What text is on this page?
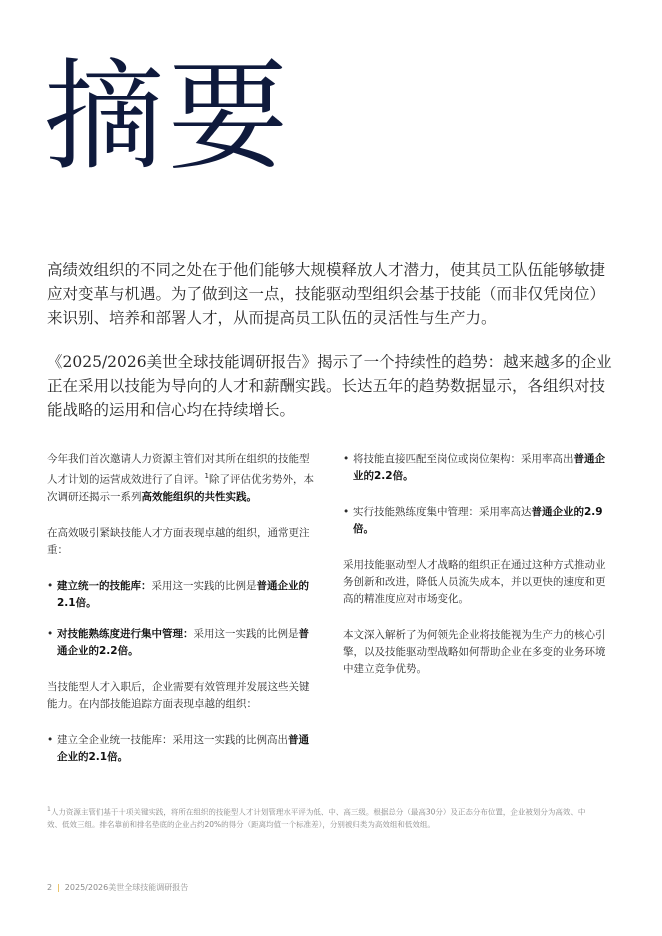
摘要

高绩效组织的不同之处在于他们能够大规模释放人才潜力，使其员工队伍能够敏捷应对变革与机遇。为了做到这一点，技能驱动型组织会基于技能（而非仅凭岗位）来识别、培养和部署人才，从而提高员工队伍的灵活性与生产力。

《2025/2026美世全球技能调研报告》揭示了一个持续性的趋势：越来越多的企业正在采用以技能为导向的人才和薪酬实践。长达五年的趋势数据显示，各组织对技能战略的运用和信心均在持续增长。

今年我们首次邀请人力资源主管们对其所在组织的技能型人才计划的运营成效进行了自评。$^1$除了评估优劣势外，本次调研还揭示一系列高效能组织的共性实践。

在高效吸引紧缺技能人才方面表现卓越的组织，通常更注重：

• 建立统一的技能库：采用这一实践的比例是普通企业的2.1倍。
• 对技能熟练度进行集中管理：采用这一实践的比例是普通企业的2.2倍。

当技能型人才入职后，企业需要有效管理并发展这些关键能力。在内部技能追踪方面表现卓越的组织：

• 建立全企业统一技能库：采用这一实践的比例高出普通企业的2.1倍。
• 将技能直接匹配至岗位或岗位架构：采用率高出普通企业的2.2倍。
• 实行技能熟练度集中管理：采用率高达普通企业的2.9倍。

采用技能驱动型人才战略的组织正在通过这种方式推动业务创新和改进，降低人员流失成本，并以更快的速度和更高的精准度应对市场变化。

本文深入解析了为何领先企业将技能视为生产力的核心引擎，以及技能驱动型战略如何帮助企业在多变的业务环境中建立竞争优势。

$^1$人力资源主管们基于十项关键实践，将所在组织的技能型人才计划管理水平评为低、中、高三级。根据总分（最高30分）及正态分布位置，企业被划分为高效、中效、低效三组。排名靠前和排名垫底的企业占约20%的得分（距离均值一个标准差），分别被归类为高效组和低效组。
2 | 2025/2026美世全球技能调研报告
